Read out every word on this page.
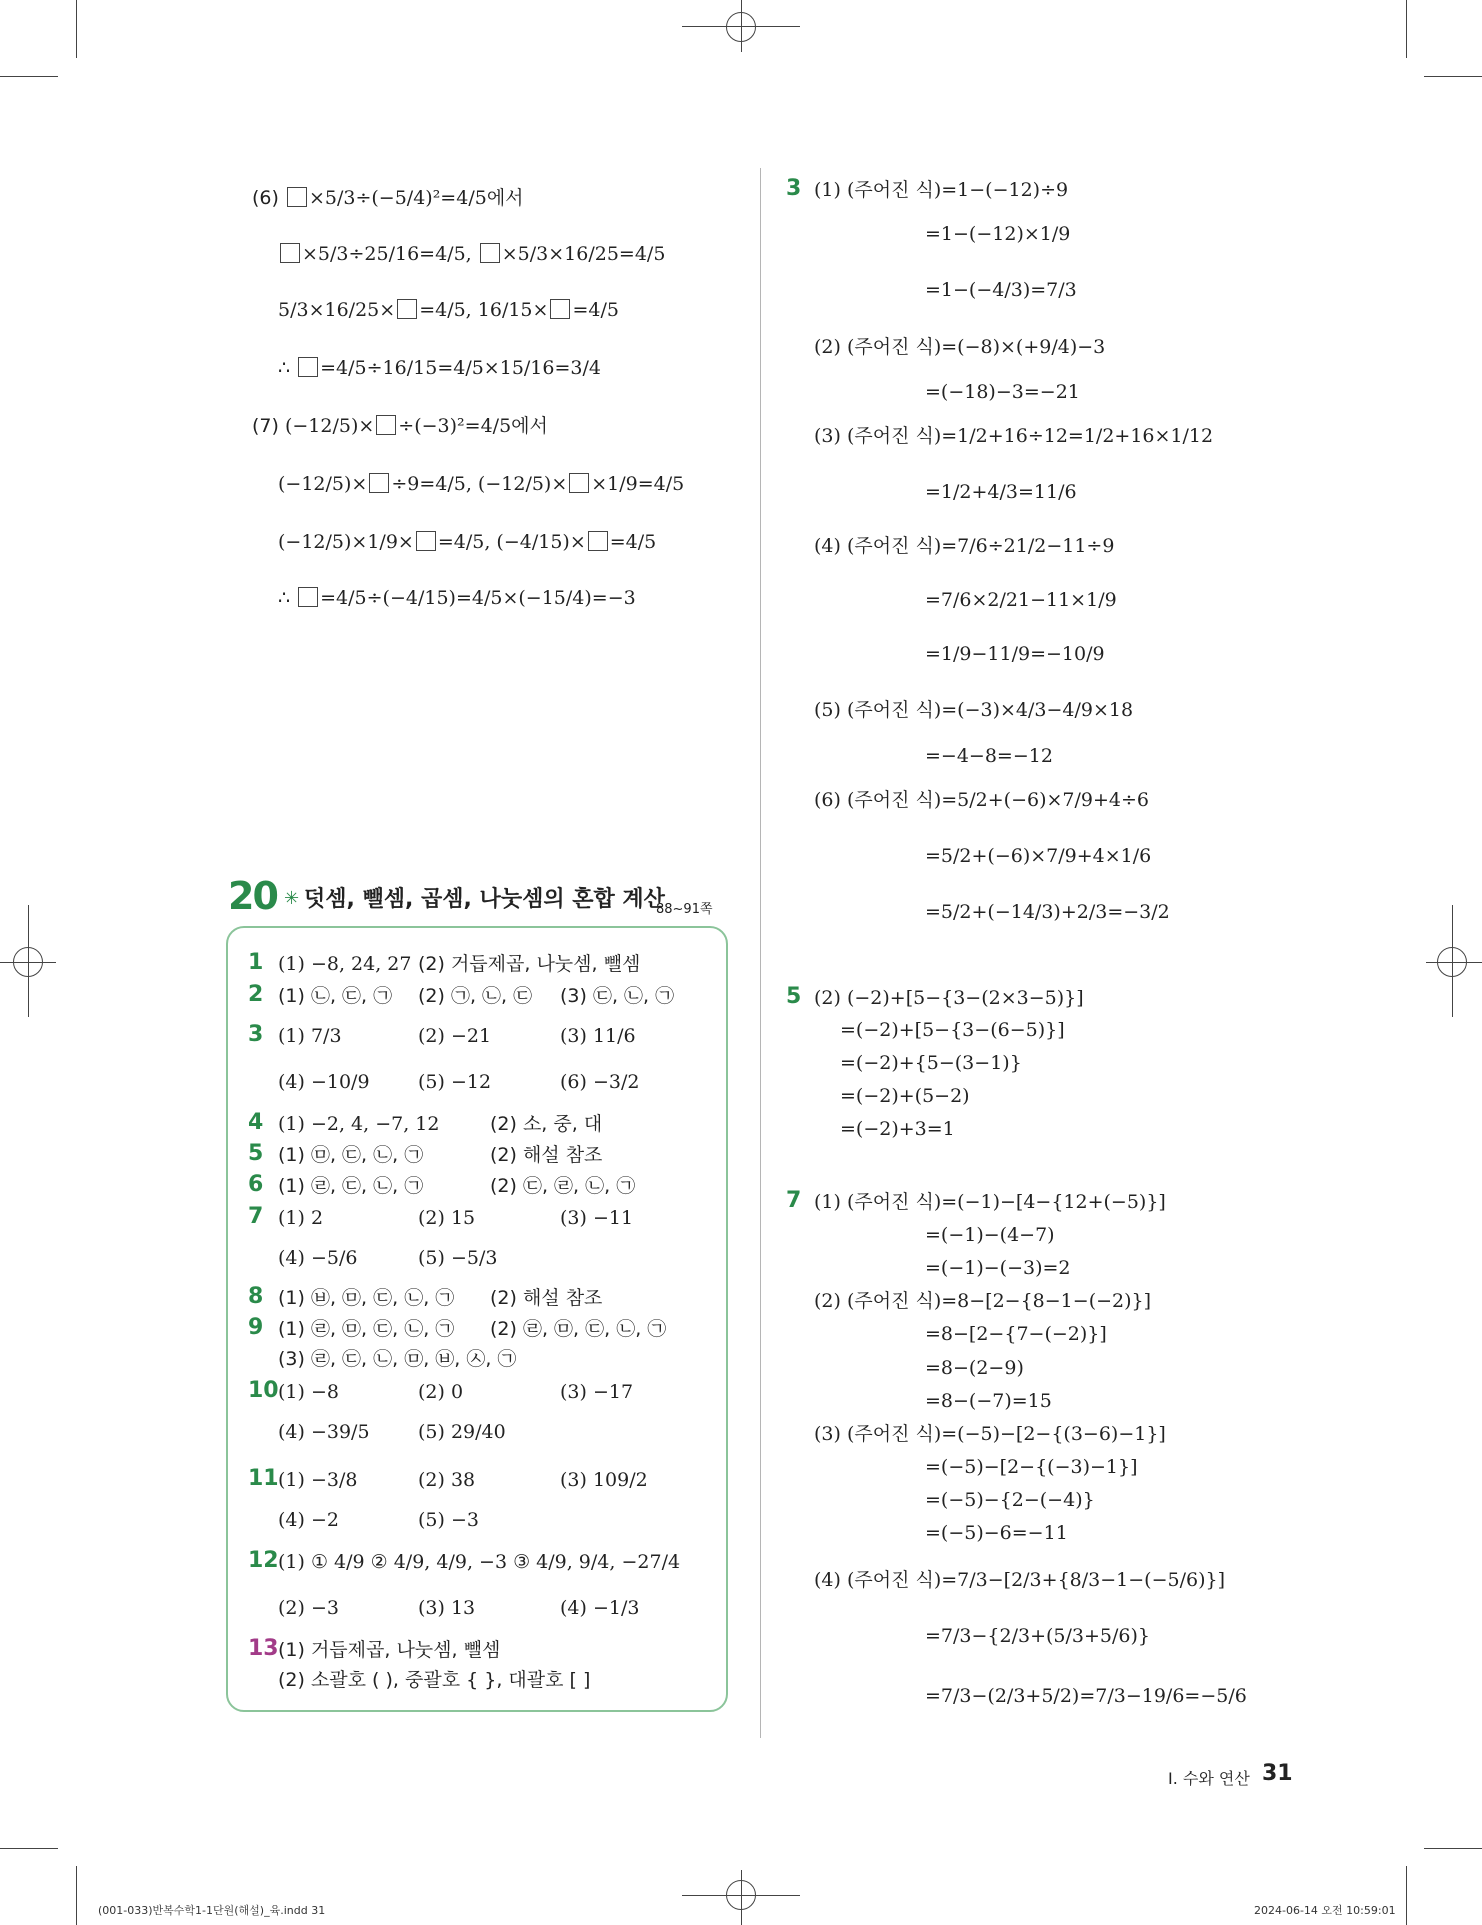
(6) ×5/3÷(−5/4)²=4/5에서
×5/3÷25/16=4/5, ×5/3×16/25=4/5
5/3×16/25× =4/5, 16/15× =4/5
∴ =4/5÷16/15=4/5×15/16=3/4
(7) (−12/5)× ÷(−3)²=4/5에서
(−12/5)× ÷9=4/5, (−12/5)× ×1/9=4/5
(−12/5)×1/9× =4/5, (−4/15)× =4/5
∴ =4/5÷(−4/15)=4/5×(−15/4)=−3
20 ✳ 덧셈, 뺄셈, 곱셈, 나눗셈의 혼합 계산
88~91쪽
1 (1) −8, 24, 27 (2) 거듭제곱, 나눗셈, 뺄셈
2 (1) ㉡, ㉢, ㉠ (2) ㉠, ㉡, ㉢ (3) ㉢, ㉡, ㉠
3 (1) 7/3	(2) −21	(3) 11/6
(4) −10/9	(5) −12	(6) −3/2
4 (1) −2, 4, −7, 12	(2) 소, 중, 대
5 (1) ㉤, ㉢, ㉡, ㉠	(2) 해설 참조
6 (1) ㉣, ㉢, ㉡, ㉠	(2) ㉢, ㉣, ㉡, ㉠
7 (1) 2	(2) 15	(3) −11
(4) −5/6	(5) −5/3
8 (1) ㉥, ㉤, ㉢, ㉡, ㉠ (2) 해설 참조
9 (1) ㉣, ㉤, ㉢, ㉡, ㉠ (2) ㉣, ㉤, ㉢, ㉡, ㉠
(3) ㉣, ㉢, ㉡, ㉤, ㉥, ㉦, ㉠
10 (1) −8	(2) 0	(3) −17
(4) −39/5	(5) 29/40
11 (1) −3/8	(2) 38	(3) 109/2
(4) −2	(5) −3
12 (1) ① 4/9 ② 4/9, 4/9, −3 ③ 4/9, 9/4, −27/4
(2) −3	(3) 13	(4) −1/3
13 (1) 거듭제곱, 나눗셈, 뺄셈
(2) 소괄호 ( ), 중괄호 { }, 대괄호 [ ]
3 (1) (주어진 식)=1−(−12)÷9
=1−(−12)×1/9
=1−(−4/3)=7/3
(2) (주어진 식)=(−8)×(+9/4)−3
=(−18)−3=−21
(3) (주어진 식)=1/2+16÷12=1/2+16×1/12
=1/2+4/3=11/6
(4) (주어진 식)=7/6÷21/2−11÷9
=7/6×2/21−11×1/9
=1/9−11/9=−10/9
(5) (주어진 식)=(−3)×4/3−4/9×18
=−4−8=−12
(6) (주어진 식)=5/2+(−6)×7/9+4÷6
=5/2+(−6)×7/9+4×1/6
=5/2+(−14/3)+2/3=−3/2
5 (2) (−2)+[5−{3−(2×3−5)}]
=(−2)+[5−{3−(6−5)}]
=(−2)+{5−(3−1)}
=(−2)+(5−2)
=(−2)+3=1
7 (1) (주어진 식)=(−1)−[4−{12+(−5)}]
=(−1)−(4−7)
=(−1)−(−3)=2
(2) (주어진 식)=8−[2−{8−1−(−2)}]
=8−[2−{7−(−2)}]
=8−(2−9)
=8−(−7)=15
(3) (주어진 식)=(−5)−[2−{(3−6)−1}]
=(−5)−[2−{(−3)−1}]
=(−5)−{2−(−4)}
=(−5)−6=−11
(4) (주어진 식)=7/3−[2/3+{8/3−1−(−5/6)}]
=7/3−{2/3+(5/3+5/6)}
=7/3−(2/3+5/2)=7/3−19/6=−5/6
I. 수와 연산 31
(001-033)반복수학1-1단원(해설)_육.indd 31	2024-06-14 오전 10:59:01
